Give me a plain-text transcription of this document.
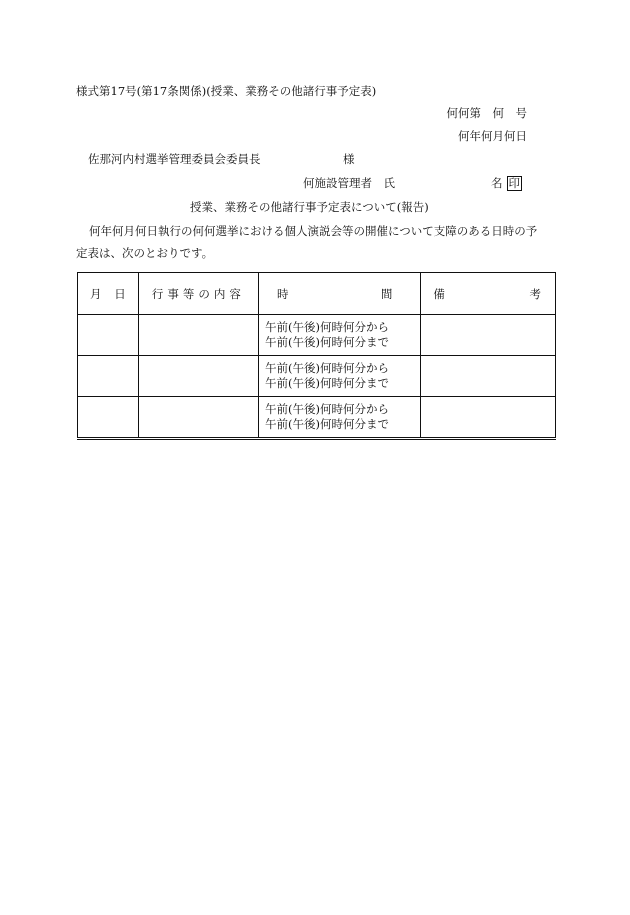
様式第17号(第17条関係)(授業、業務その他諸行事予定表)
何何第　何　号
何年何月何日
佐那河内村選挙管理委員会委員長	様
何施設管理者　氏	名 印
授業、業務その他諸行事予定表について(報告)
何年何月何日執行の何何選挙における個人演説会等の開催について支障のある日時の予
定表は、次のとおりです。
月 日	行事等の内容	時 間	備 考

		午前(午後)何時何分から
午前(午後)何時何分まで	

		午前(午後)何時何分から
午前(午後)何時何分まで	

		午前(午後)何時何分から
午前(午後)何時何分まで	
